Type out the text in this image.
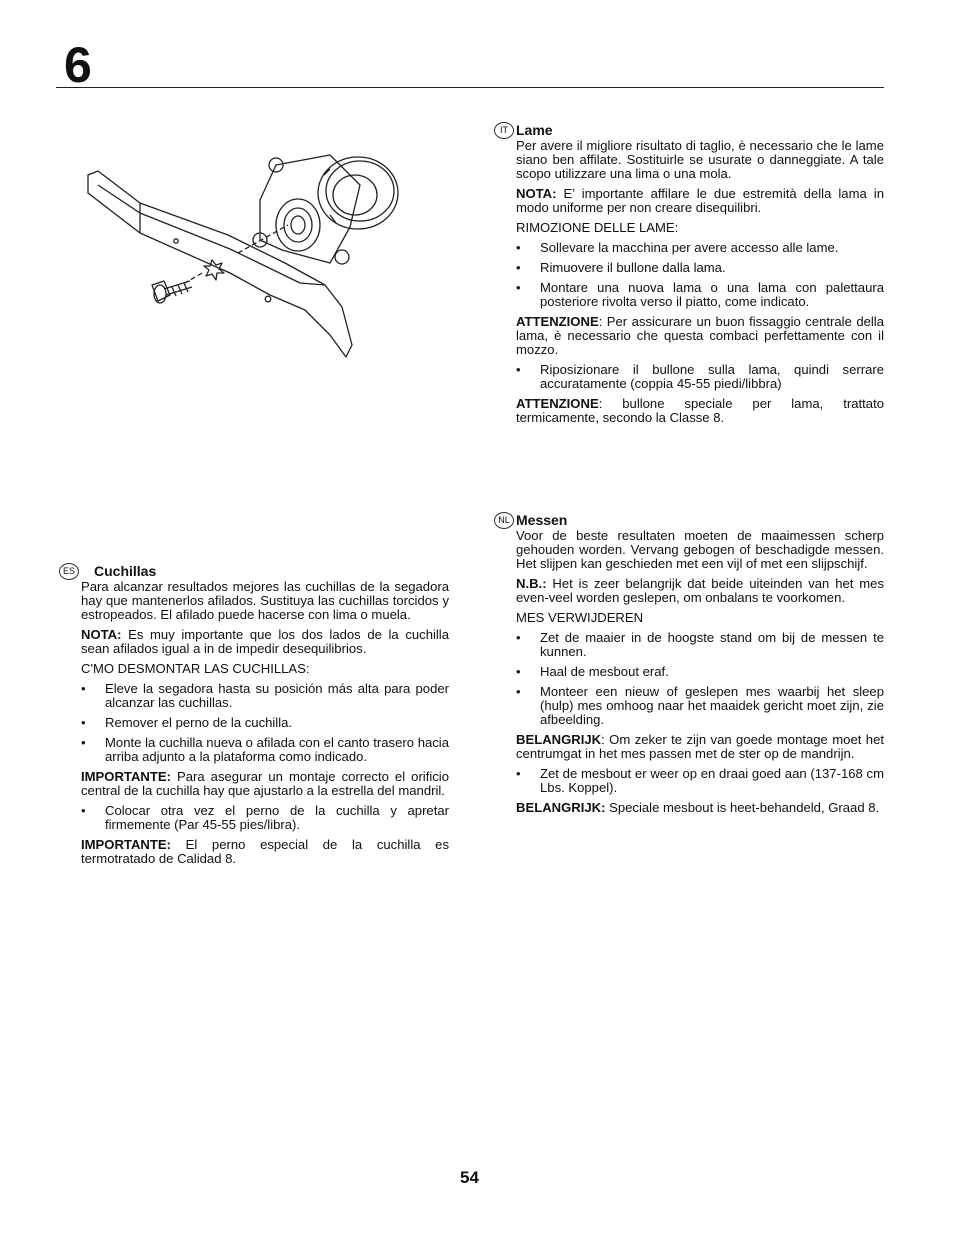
6
IT Lame

Per avere il migliore risultato di taglio, è necessario che le lame siano ben affilate. Sostituirle se usurate o danneggiate. A tale scopo utilizzare una lima o una mola.

NOTA: E’ importante affilare le due estremità della lama in modo uniforme per non creare disequilibri.

RIMOZIONE DELLE LAME:

• Sollevare la macchina per avere accesso alle lame.
• Rimuovere il bullone dalla lama.
• Montare una nuova lama o una lama con palettaura posteriore rivolta verso il piatto, come indicato.

ATTENZIONE: Per assicurare un buon fissaggio centrale della lama, è necessario che questa combaci perfettamente con il mozzo.

• Riposizionare il bullone sulla lama, quindi serrare accuratamente (coppia 45-55 piedi/libbra)

ATTENZIONE: bullone speciale per lama, trattato termicamente, secondo la Classe 8.

NL Messen

Voor de beste resultaten moeten de maaimessen scherp gehouden worden. Vervang gebogen of beschadigde messen. Het slijpen kan geschieden met een vijl of met een slijpschijf.

N.B.: Het is zeer belangrijk dat beide uiteinden van het mes even-veel worden geslepen, om onbalans te voorkomen.

MES VERWIJDEREN

• Zet de maaier in de hoogste stand om bij de messen te kunnen.
• Haal de mesbout eraf.
• Monteer een nieuw of geslepen mes waarbij het sleep (hulp) mes omhoog naar het maaidek gericht moet zijn, zie afbeelding.

BELANGRIJK: Om zeker te zijn van goede montage moet het centrumgat in het mes passen met de ster op de mandrijn.

• Zet de mesbout er weer op en draai goed aan (137-168 cm Lbs. Koppel).

BELANGRIJK: Speciale mesbout is heet-behandeld, Graad 8.

ES Cuchillas

Para alcanzar resultados mejores las cuchillas de la segadora hay que mantenerlos afilados. Sustituya las cuchillas torcidos y estropeados. El afilado puede hacerse con lima o muela.

NOTA: Es muy importante que los dos lados de la cuchilla sean afilados igual a in de impedir desequilibrios.

C'MO DESMONTAR LAS CUCHILLAS:

• Eleve la segadora hasta su posición más alta para poder alcanzar las cuchillas.
• Remover el perno de la cuchilla.
• Monte la cuchilla nueva o afilada con el canto trasero hacia arriba adjunto a la plataforma como indicado.

IMPORTANTE: Para asegurar un montaje correcto el orificio central de la cuchilla hay que ajustarlo a la estrella del mandril.

• Colocar otra vez el perno de la cuchilla y apretar firmemente (Par 45-55 pies/libra).

IMPORTANTE: El perno especial de la cuchilla es termotratado de Calidad 8.

54
